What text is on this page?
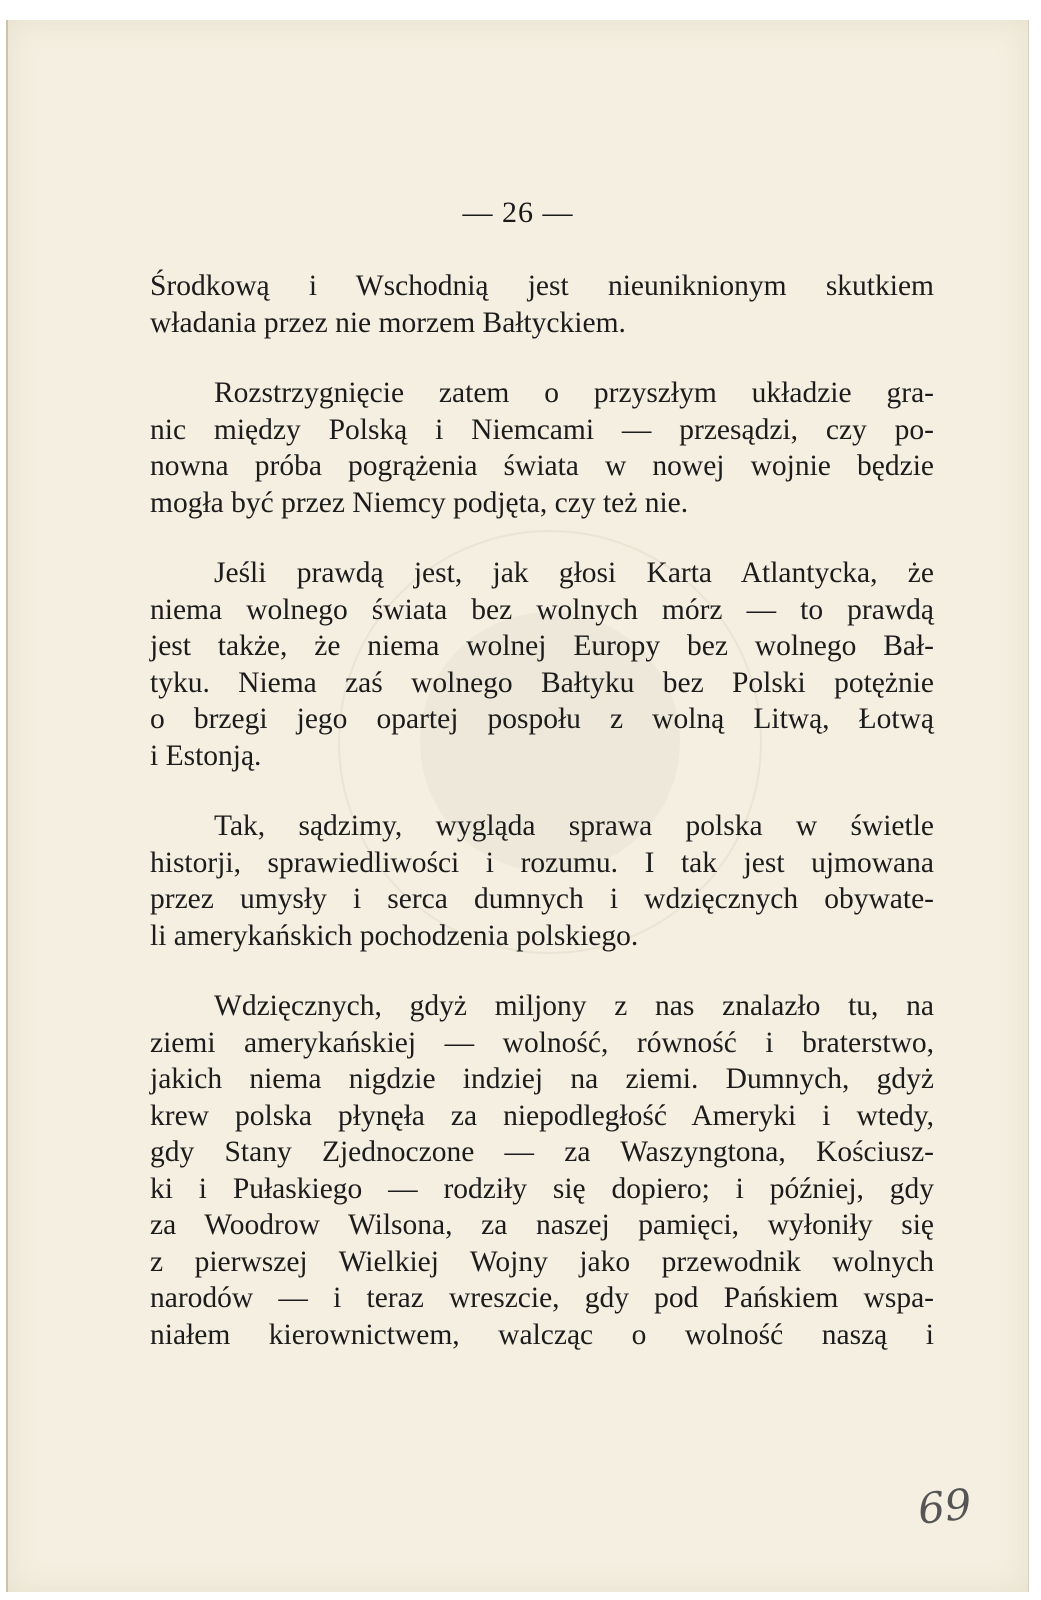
— 26 —
Środkową i Wschodnią jest nieuniknionym skutkiem
władania przez nie morzem Bałtyckiem.
Rozstrzygnięcie zatem o przyszłym układzie gra-
nic między Polską i Niemcami — przesądzi, czy po-
nowna próba pogrążenia świata w nowej wojnie będzie
mogła być przez Niemcy podjęta, czy też nie.
Jeśli prawdą jest, jak głosi Karta Atlantycka, że
niema wolnego świata bez wolnych mórz — to prawdą
jest także, że niema wolnej Europy bez wolnego Bał-
tyku. Niema zaś wolnego Bałtyku bez Polski potężnie
o brzegi jego opartej pospołu z wolną Litwą, Łotwą
i Estonją.
Tak, sądzimy, wygląda sprawa polska w świetle
historji, sprawiedliwości i rozumu. I tak jest ujmowana
przez umysły i serca dumnych i wdzięcznych obywate-
li amerykańskich pochodzenia polskiego.
Wdzięcznych, gdyż miljony z nas znalazło tu, na
ziemi amerykańskiej — wolność, równość i braterstwo,
jakich niema nigdzie indziej na ziemi. Dumnych, gdyż
krew polska płynęła za niepodległość Ameryki i wtedy,
gdy Stany Zjednoczone — za Waszyngtona, Kościusz-
ki i Pułaskiego — rodziły się dopiero; i później, gdy
za Woodrow Wilsona, za naszej pamięci, wyłoniły się
z pierwszej Wielkiej Wojny jako przewodnik wolnych
narodów — i teraz wreszcie, gdy pod Pańskiem wspa-
niałem kierownictwem, walcząc o wolność naszą i
69
